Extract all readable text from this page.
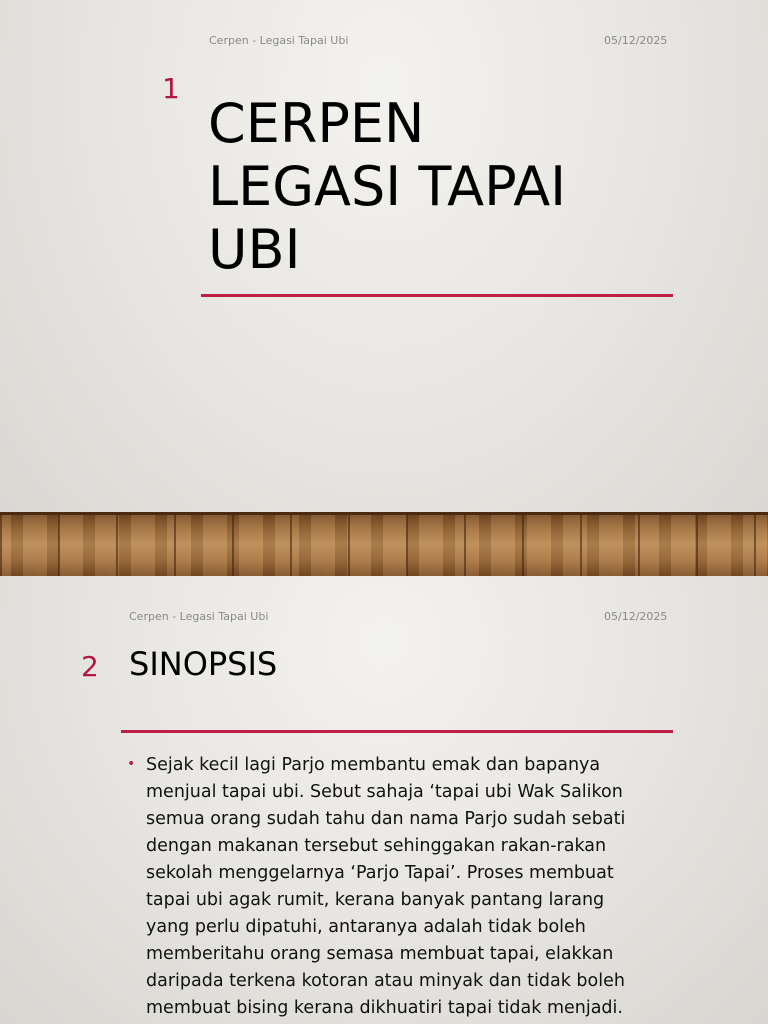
Cerpen - Legasi Tapai Ubi	05/12/2025
1
CERPEN
LEGASI TAPAI
UBI
Cerpen - Legasi Tapai Ubi	05/12/2025
2 SINOPSIS
• Sejak kecil lagi Parjo membantu emak dan bapanya
menjual tapai ubi. Sebut sahaja ‘tapai ubi Wak Salikon
semua orang sudah tahu dan nama Parjo sudah sebati
dengan makanan tersebut sehinggakan rakan-rakan
sekolah menggelarnya ‘Parjo Tapai’. Proses membuat
tapai ubi agak rumit, kerana banyak pantang larang
yang perlu dipatuhi, antaranya adalah tidak boleh
memberitahu orang semasa membuat tapai, elakkan
daripada terkena kotoran atau minyak dan tidak boleh
membuat bising kerana dikhuatiri tapai tidak menjadi.
